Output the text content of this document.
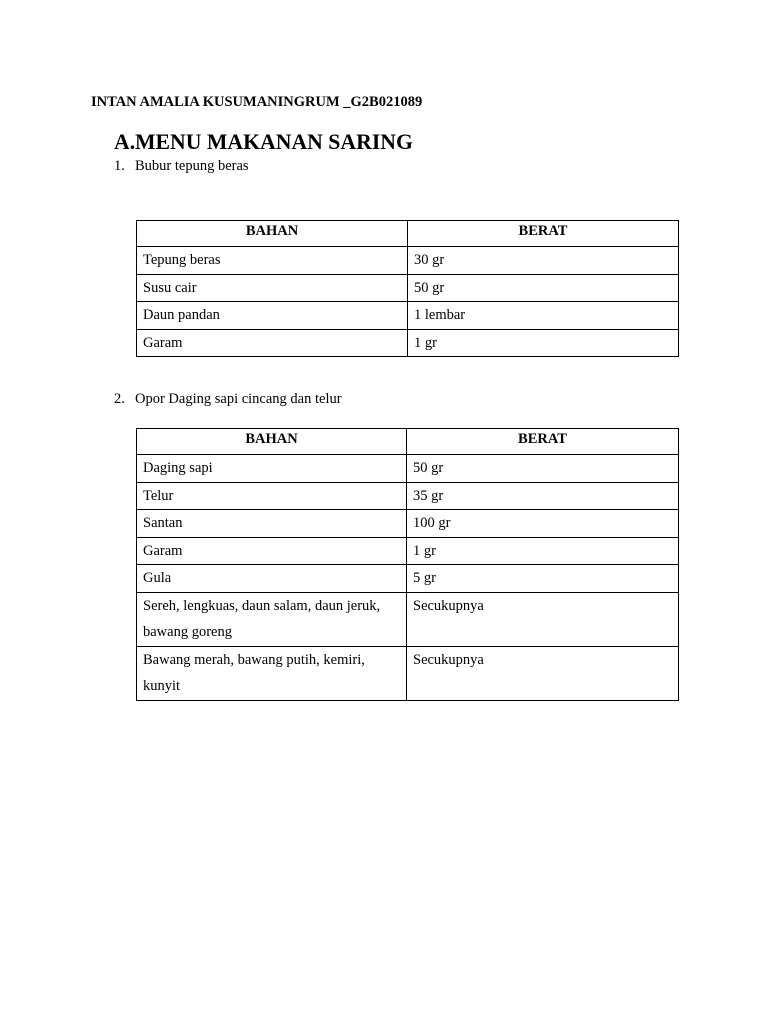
INTAN AMALIA KUSUMANINGRUM _G2B021089
A.MENU MAKANAN SARING

1. Bubur tepung beras

BAHAN	BERAT
Tepung beras	30 gr
Susu cair	50 gr
Daun pandan	1 lembar
Garam	1 gr

2. Opor Daging sapi cincang dan telur

BAHAN	BERAT
Daging sapi	50 gr
Telur	35 gr
Santan	100 gr
Garam	1 gr
Gula	5 gr
Sereh, lengkuas, daun salam, daun jeruk, bawang goreng	Secukupnya
Bawang merah, bawang putih, kemiri, kunyit	Secukupnya
